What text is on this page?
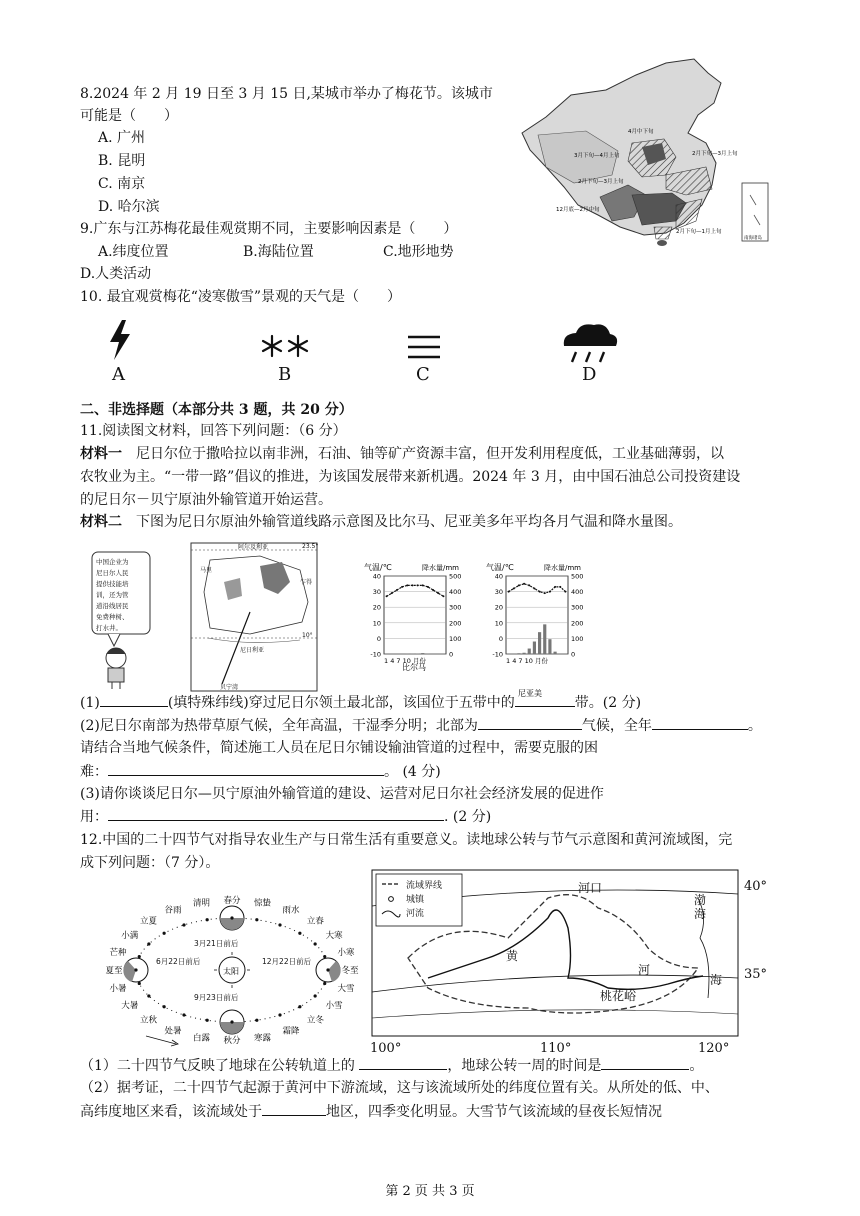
8.2024 年 2 月 19 日至 3 月 15 日,某城市举办了梅花节。该城市
可能是（　　）
A. 广州
B. 昆明
C. 南京
D. 哈尔滨
4月中下旬
3月下旬—4月上旬	2月下旬—3月上旬
2月下旬—3月上旬
12月底—2月中旬
2月下旬—1月上旬
南海诸岛
9.广东与江苏梅花最佳观赏期不同，主要影响因素是（　　）
A.纬度位置	B.海陆位置	C.地形地势
D.人类活动
10. 最宜观赏梅花“凌寒傲雪”景观的天气是（　　）
A	B	C	D
二、非选择题（本部分共 3 题，共 20 分）
11.阅读图文材料，回答下列问题：（6 分）
材料一　尼日尔位于撒哈拉以南非洲，石油、铀等矿产资源丰富，但开发利用程度低，工业基础薄弱，以
农牧业为主。“一带一路”倡议的推进，为该国发展带来新机遇。2024 年 3 月，由中国石油总公司投资建设
的尼日尔－贝宁原油外输管道开始运营。
材料二　下图为尼日尔原油外输管道线路示意图及比尔马、尼亚美多年平均各月气温和降水量图。
中国企业为
尼日尔人民
提供技能培
训，还为管
道沿线居民
免费种树、
打水井。
阿尔及利亚
马里
乍得
尼日利亚
贝宁湾
23.5°
10°
气温/℃	降水量/mm
比尔马
-10	0
0	100
10	200
20	300
30	400
40	500
1 4 7 10 月份
气温/℃	降水量/mm
尼亚美
-10	0
0	100
10	200
20	300
30	400
40	500
1 4 7 10 月份
(1)	(填特殊纬线)穿过尼日尔领土最北部，该国位于五带中的	带。(2 分)
(2)尼日尔南部为热带草原气候，全年高温，干湿季分明；北部为	气候，全年	。
请结合当地气候条件，简述施工人员在尼日尔铺设输油管道的过程中，需要克服的困
难：	。 (4 分)
(3)请你谈谈尼日尔—贝宁原油外输管道的建设、运营对尼日尔社会经济发展的促进作
用：	. (2 分)
12.中国的二十四节气对指导农业生产与日常生活有重要意义。读地球公转与节气示意图和黄河流域图，完
成下列问题：（7 分）。
太阳
3月21日前后
6月22日前后	12月22日前后
9月23日前后
春分 惊蛰
雨水
立春
大寒
小寒
冬至
大雪
小雪
立冬
霜降
寒露
秋分
白露
处暑
立秋
大暑
小暑
夏至
芒种
小满
立夏
谷雨
清明
流域界线
城镇
河流
河口
黄
河
桃花峪
渤
海
海
40°
35°
100°	110°	120°
（1）二十四节气反映了地球在公转轨道上的	，地球公转一周的时间是	。
（2）据考证，二十四节气起源于黄河中下游流域，这与该流域所处的纬度位置有关。从所处的低、中、
高纬度地区来看，该流域处于	地区，四季变化明显。大雪节气该流域的昼夜长短情况
第 2 页 共 3 页
